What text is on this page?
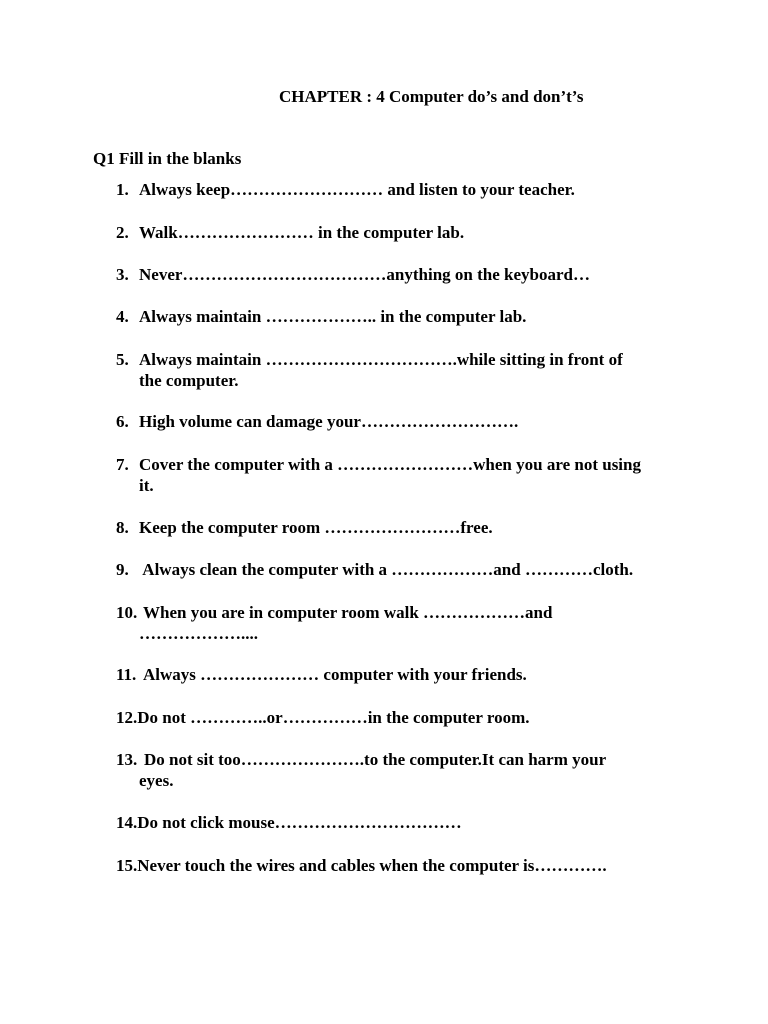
CHAPTER : 4 Computer do’s and don’t’s
Q1 Fill in the blanks
1. Always keep……………………… and listen to your teacher.
2. Walk…………………… in the computer lab.
3. Never………………………………anything on the keyboard…
4. Always maintain ……………….. in the computer lab.
5. Always maintain …………………………….while sitting in front of
the computer.
6. High volume can damage your……………………….
7. Cover the computer with a ……………………when you are not using
it.
8. Keep the computer room ……………………free.
9. Always clean the computer with a ………………and …………cloth.
10. When you are in computer room walk ………………and
………………....
11. Always ………………… computer with your friends.
12.Do not …………..or……………in the computer room.
13. Do not sit too………………….to the computer.It can harm your
eyes.
14.Do not click mouse……………………………
15.Never touch the wires and cables when the computer is………….
